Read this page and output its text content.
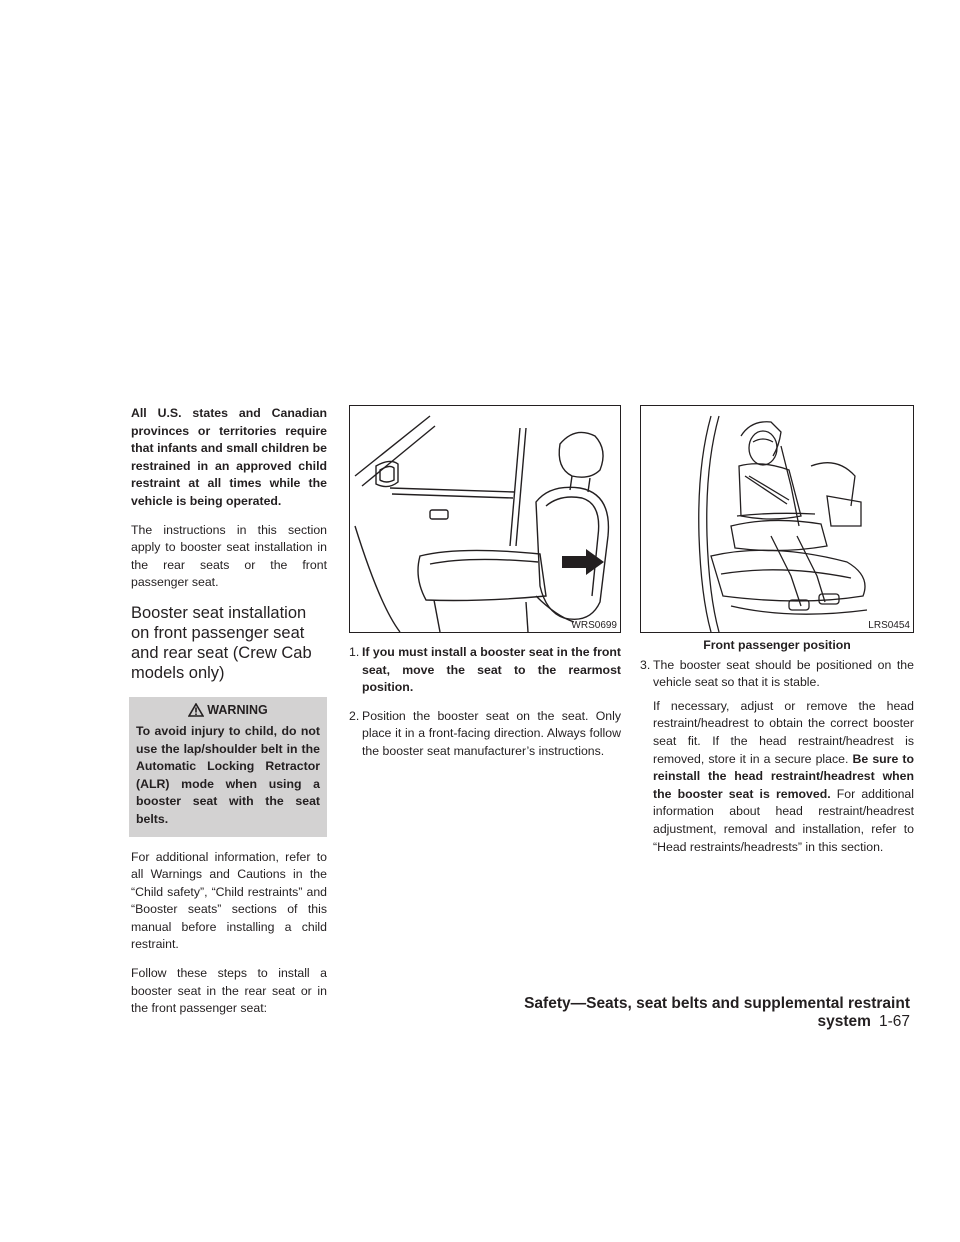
All U.S. states and Canadian provinces or territories require that infants and small children be restrained in an approved child restraint at all times while the vehicle is being operated.

The instructions in this section apply to booster seat installation in the rear seats or the front passenger seat.

Booster seat installation on front passenger seat and rear seat (Crew Cab models only)
WARNING
To avoid injury to child, do not use the lap/shoulder belt in the Automatic Locking Retractor (ALR) mode when using a booster seat with the seat belts.

For additional information, refer to all Warnings and Cautions in the “Child safety”, “Child restraints” and “Booster seats” sections of this manual before installing a child restraint.

Follow these steps to install a booster seat in the rear seat or in the front passenger seat:

WRS0699

1. If you must install a booster seat in the front seat, move the seat to the rearmost position.

2. Position the booster seat on the seat. Only place it in a front-facing direction. Always follow the booster seat manufacturer’s instructions.

LRS0454
Front passenger position

3. The booster seat should be positioned on the vehicle seat so that it is stable.

If necessary, adjust or remove the head restraint/headrest to obtain the correct booster seat fit. If the head restraint/headrest is removed, store it in a secure place. Be sure to reinstall the head restraint/headrest when the booster seat is removed. For additional information about head restraint/headrest adjustment, removal and installation, refer to “Head restraints/headrests” in this section.

Safety—Seats, seat belts and supplemental restraint system 1-67
